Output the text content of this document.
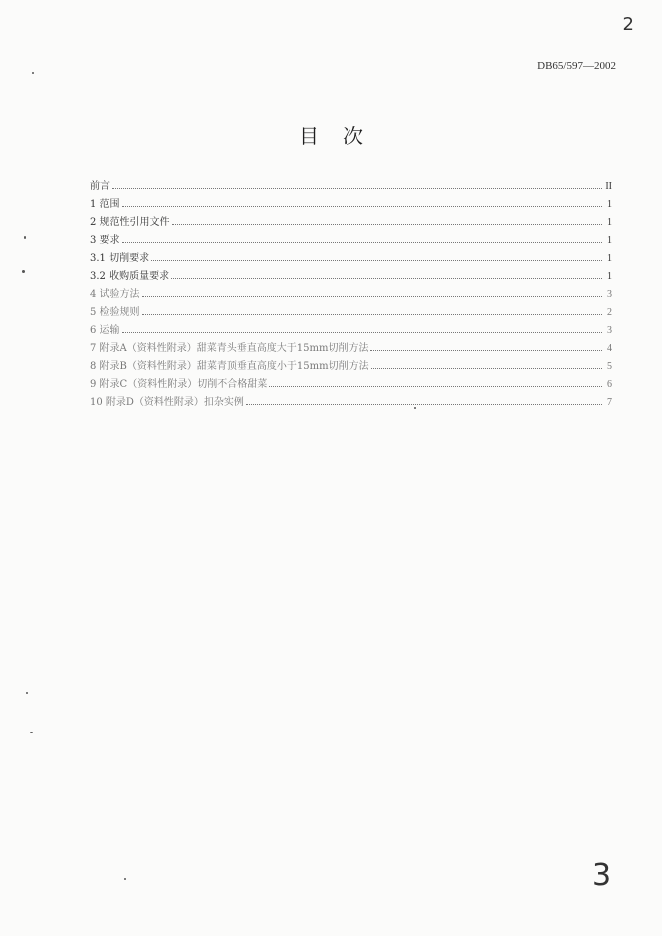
2
DB65/597—2002
目次
前言	II
1 范围	1
2 规范性引用文件	1
3 要求	1
3.1 切削要求	1
3.2 收购质量要求	1
4 试验方法	3
5 检验规则	2
6 运输	3
7 附录A（资料性附录）甜菜青头垂直高度大于15mm切削方法	4
8 附录B（资料性附录）甜菜青顶垂直高度小于15mm切削方法	5
9 附录C（资料性附录）切削不合格甜菜	6
10 附录D（资料性附录）扣杂实例	7
3
